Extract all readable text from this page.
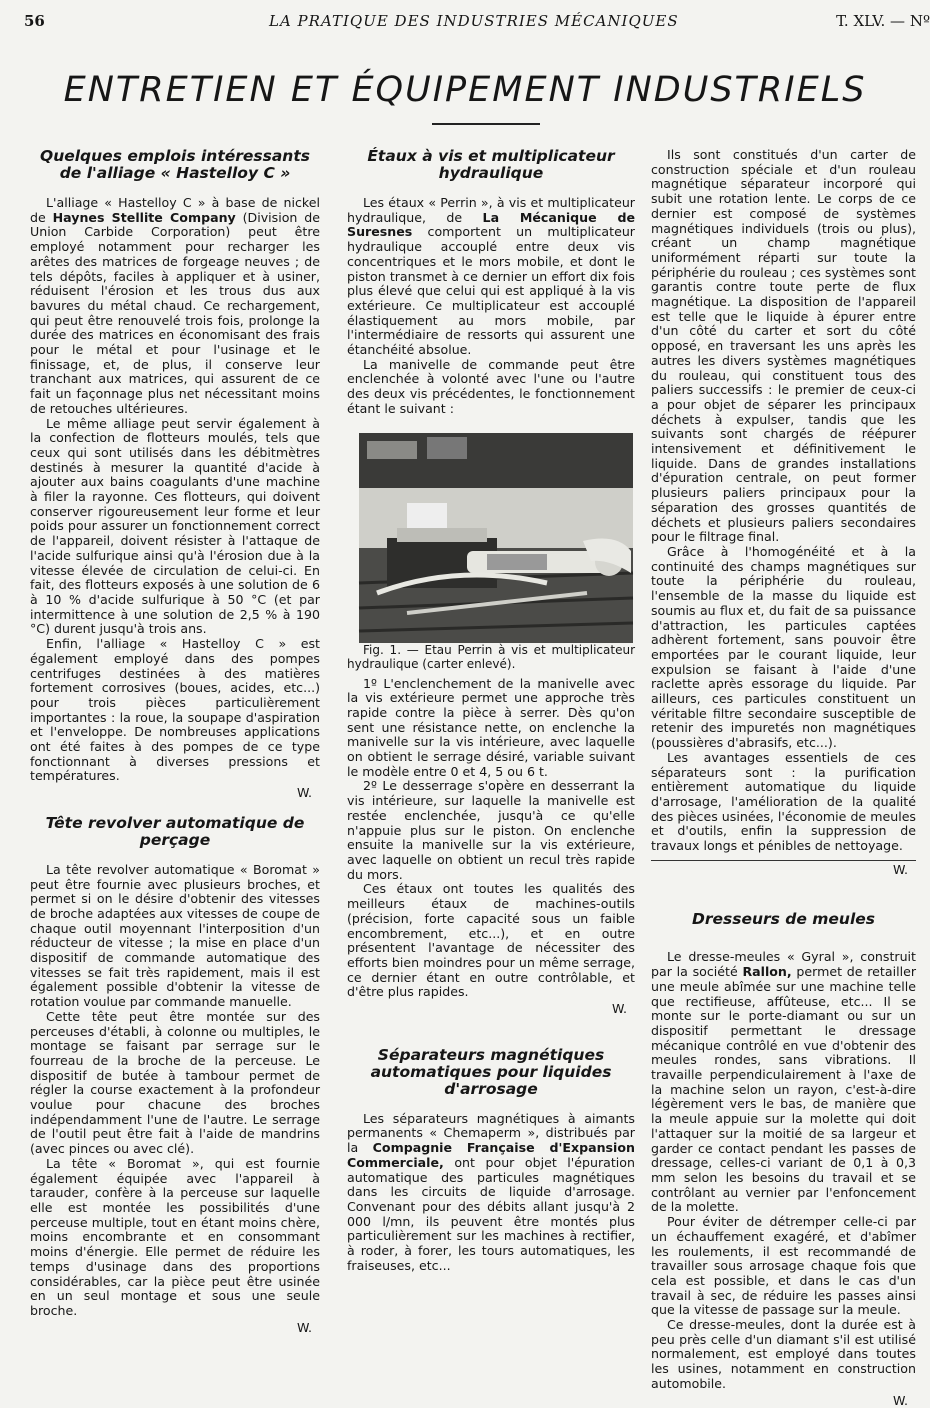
56	LA PRATIQUE DES INDUSTRIES MÉCANIQUES	T. XLV. — Nº
ENTRETIEN ET ÉQUIPEMENT INDUSTRIELS
Quelques emplois intéressants de l'alliage « Hastelloy C »

L'alliage « Hastelloy C » à base de nickel de Haynes Stellite Company (Division de Union Carbide Corporation) peut être employé notamment pour recharger les arêtes des matrices de forgeage neuves ; de tels dépôts, faciles à appliquer et à usiner, réduisent l'érosion et les trous dus aux bavures du métal chaud. Ce rechargement, qui peut être renouvelé trois fois, prolonge la durée des matrices en économisant des frais pour le métal et pour l'usinage et le finissage, et, de plus, il conserve leur tranchant aux matrices, qui assurent de ce fait un façonnage plus net nécessitant moins de retouches ultérieures.

Le même alliage peut servir également à la confection de flotteurs moulés, tels que ceux qui sont utilisés dans les débitmètres destinés à mesurer la quantité d'acide à ajouter aux bains coagulants d'une machine à filer la rayonne. Ces flotteurs, qui doivent conserver rigoureusement leur forme et leur poids pour assurer un fonctionnement correct de l'appareil, doivent résister à l'attaque de l'acide sulfurique ainsi qu'à l'érosion due à la vitesse élevée de circulation de celui-ci. En fait, des flotteurs exposés à une solution de 6 à 10 % d'acide sulfurique à 50 °C (et par intermittence à une solution de 2,5 % à 190 °C) durent jusqu'à trois ans.

Enfin, l'alliage « Hastelloy C » est également employé dans des pompes centrifuges destinées à des matières fortement corrosives (boues, acides, etc...) pour trois pièces particulièrement importantes : la roue, la soupape d'aspiration et l'enveloppe. De nombreuses applications ont été faites à des pompes de ce type fonctionnant à diverses pressions et températures.

W.
Tête revolver automatique de perçage

La tête revolver automatique « Boromat » peut être fournie avec plusieurs broches, et permet si on le désire d'obtenir des vitesses de broche adaptées aux vitesses de coupe de chaque outil moyennant l'interposition d'un réducteur de vitesse ; la mise en place d'un dispositif de commande automatique des vitesses se fait très rapidement, mais il est également possible d'obtenir la vitesse de rotation voulue par commande manuelle.

Cette tête peut être montée sur des perceuses d'établi, à colonne ou multiples, le montage se faisant par serrage sur le fourreau de la broche de la perceuse. Le dispositif de butée à tambour permet de régler la course exactement à la profondeur voulue pour chacune des broches indépendamment l'une de l'autre. Le serrage de l'outil peut être fait à l'aide de mandrins (avec pinces ou avec clé).

La tête « Boromat », qui est fournie également équipée avec l'appareil à tarauder, confère à la perceuse sur laquelle elle est montée les possibilités d'une perceuse multiple, tout en étant moins chère, moins encombrante et en consommant moins d'énergie. Elle permet de réduire les temps d'usinage dans des proportions considérables, car la pièce peut être usinée en un seul montage et sous une seule broche.

W.
Étaux à vis et multiplicateur hydraulique

Les étaux « Perrin », à vis et multiplicateur hydraulique, de La Mécanique de Suresnes comportent un multiplicateur hydraulique accouplé entre deux vis concentriques et le mors mobile, et dont le piston transmet à ce dernier un effort dix fois plus élevé que celui qui est appliqué à la vis extérieure. Ce multiplicateur est accouplé élastiquement au mors mobile, par l'intermédiaire de ressorts qui assurent une étanchéité absolue.

La manivelle de commande peut être enclenchée à volonté avec l'une ou l'autre des deux vis précédentes, le fonctionnement étant le suivant :

Fig. 1. — Etau Perrin à vis et multiplicateur hydraulique (carter enlevé).

1º L'enclenchement de la manivelle avec la vis extérieure permet une approche très rapide contre la pièce à serrer. Dès qu'on sent une résistance nette, on enclenche la manivelle sur la vis intérieure, avec laquelle on obtient le serrage désiré, variable suivant le modèle entre 0 et 4, 5 ou 6 t.

2º Le desserrage s'opère en desserrant la vis intérieure, sur laquelle la manivelle est restée enclenchée, jusqu'à ce qu'elle n'appuie plus sur le piston. On enclenche ensuite la manivelle sur la vis extérieure, avec laquelle on obtient un recul très rapide du mors.

Ces étaux ont toutes les qualités des meilleurs étaux de machines-outils (précision, forte capacité sous un faible encombrement, etc...), et en outre présentent l'avantage de nécessiter des efforts bien moindres pour un même serrage, ce dernier étant en outre contrôlable, et d'être plus rapides.

W.
Séparateurs magnétiques automatiques pour liquides d'arrosage

Les séparateurs magnétiques à aimants permanents « Chemaperm », distribués par la Compagnie Française d'Expansion Commerciale, ont pour objet l'épuration automatique des particules magnétiques dans les circuits de liquide d'arrosage. Convenant pour des débits allant jusqu'à 2 000 l/mn, ils peuvent être montés plus particulièrement sur les machines à rectifier, à roder, à forer, les tours automatiques, les fraiseuses, etc...

Ils sont constitués d'un carter de construction spéciale et d'un rouleau magnétique séparateur incorporé qui subit une rotation lente. Le corps de ce dernier est composé de systèmes magnétiques individuels (trois ou plus), créant un champ magnétique uniformément réparti sur toute la périphérie du rouleau ; ces systèmes sont garantis contre toute perte de flux magnétique. La disposition de l'appareil est telle que le liquide à épurer entre d'un côté du carter et sort du côté opposé, en traversant les uns après les autres les divers systèmes magnétiques du rouleau, qui constituent tous des paliers successifs : le premier de ceux-ci a pour objet de séparer les principaux déchets à expulser, tandis que les suivants sont chargés de réépurer intensivement et définitivement le liquide. Dans de grandes installations d'épuration centrale, on peut former plusieurs paliers principaux pour la séparation des grosses quantités de déchets et plusieurs paliers secondaires pour le filtrage final.

Grâce à l'homogénéité et à la continuité des champs magnétiques sur toute la périphérie du rouleau, l'ensemble de la masse du liquide est soumis au flux et, du fait de sa puissance d'attraction, les particules captées adhèrent fortement, sans pouvoir être emportées par le courant liquide, leur expulsion se faisant à l'aide d'une raclette après essorage du liquide. Par ailleurs, ces particules constituent un véritable filtre secondaire susceptible de retenir des impuretés non magnétiques (poussières d'abrasifs, etc...).

Les avantages essentiels de ces séparateurs sont : la purification entièrement automatique du liquide d'arrosage, l'amélioration de la qualité des pièces usinées, l'économie de meules et d'outils, enfin la suppression de travaux longs et pénibles de nettoyage.

W.
Dresseurs de meules

Le dresse-meules « Gyral », construit par la société Rallon, permet de retailler une meule abîmée sur une machine telle que rectifieuse, affûteuse, etc... Il se monte sur le porte-diamant ou sur un dispositif permettant le dressage mécanique contrôlé en vue d'obtenir des meules rondes, sans vibrations. Il travaille perpendiculairement à l'axe de la machine selon un rayon, c'est-à-dire légèrement vers le bas, de manière que la meule appuie sur la molette qui doit l'attaquer sur la moitié de sa largeur et garder ce contact pendant les passes de dressage, celles-ci variant de 0,1 à 0,3 mm selon les besoins du travail et se contrôlant au vernier par l'enfoncement de la molette.

Pour éviter de détremper celle-ci par un échauffement exagéré, et d'abîmer les roulements, il est recommandé de travailler sous arrosage chaque fois que cela est possible, et dans le cas d'un travail à sec, de réduire les passes ainsi que la vitesse de passage sur la meule.

Ce dresse-meules, dont la durée est à peu près celle d'un diamant s'il est utilisé normalement, est employé dans toutes les usines, notamment en construction automobile.

W.
